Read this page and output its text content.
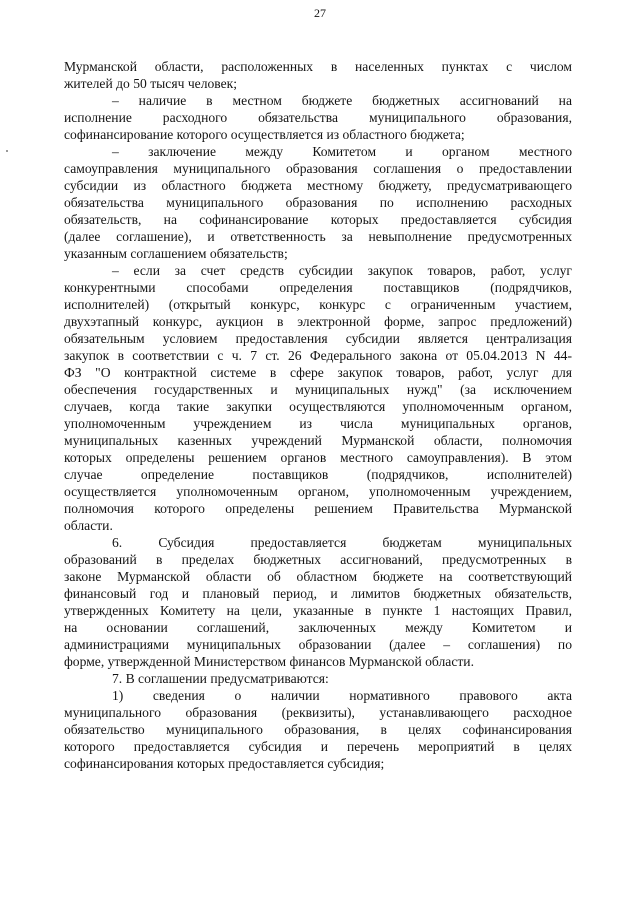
27
Мурманской области, расположенных в населенных пунктах с числом
жителей до 50 тысяч человек;
– наличие в местном бюджете бюджетных ассигнований на
исполнение расходного обязательства муниципального образования,
софинансирование которого осуществляется из областного бюджета;
– заключение между Комитетом и органом местного
самоуправления муниципального образования соглашения о предоставлении
субсидии из областного бюджета местному бюджету, предусматривающего
обязательства муниципального образования по исполнению расходных
обязательств, на софинансирование которых предоставляется субсидия
(далее соглашение), и ответственность за невыполнение предусмотренных
указанным соглашением обязательств;
– если за счет средств субсидии закупок товаров, работ, услуг
конкурентными способами определения поставщиков (подрядчиков,
исполнителей) (открытый конкурс, конкурс с ограниченным участием,
двухэтапный конкурс, аукцион в электронной форме, запрос предложений)
обязательным условием предоставления субсидии является централизация
закупок в соответствии с ч. 7 ст. 26 Федерального закона от 05.04.2013 N 44-
ФЗ "О контрактной системе в сфере закупок товаров, работ, услуг для
обеспечения государственных и муниципальных нужд" (за исключением
случаев, когда такие закупки осуществляются уполномоченным органом,
уполномоченным учреждением из числа муниципальных органов,
муниципальных казенных учреждений Мурманской области, полномочия
которых определены решением органов местного самоуправления). В этом
случае определение поставщиков (подрядчиков, исполнителей)
осуществляется уполномоченным органом, уполномоченным учреждением,
полномочия которого определены решением Правительства Мурманской
области.
6. Субсидия предоставляется бюджетам муниципальных
образований в пределах бюджетных ассигнований, предусмотренных в
законе Мурманской области об областном бюджете на соответствующий
финансовый год и плановый период, и лимитов бюджетных обязательств,
утвержденных Комитету на цели, указанные в пункте 1 настоящих Правил,
на основании соглашений, заключенных между Комитетом и
администрациями муниципальных образовании (далее – соглашения) по
форме, утвержденной Министерством финансов Мурманской области.
7. В соглашении предусматриваются:
1) сведения о наличии нормативного правового акта
муниципального образования (реквизиты), устанавливающего расходное
обязательство муниципального образования, в целях софинансирования
которого предоставляется субсидия и перечень мероприятий в целях
софинансирования которых предоставляется субсидия;
